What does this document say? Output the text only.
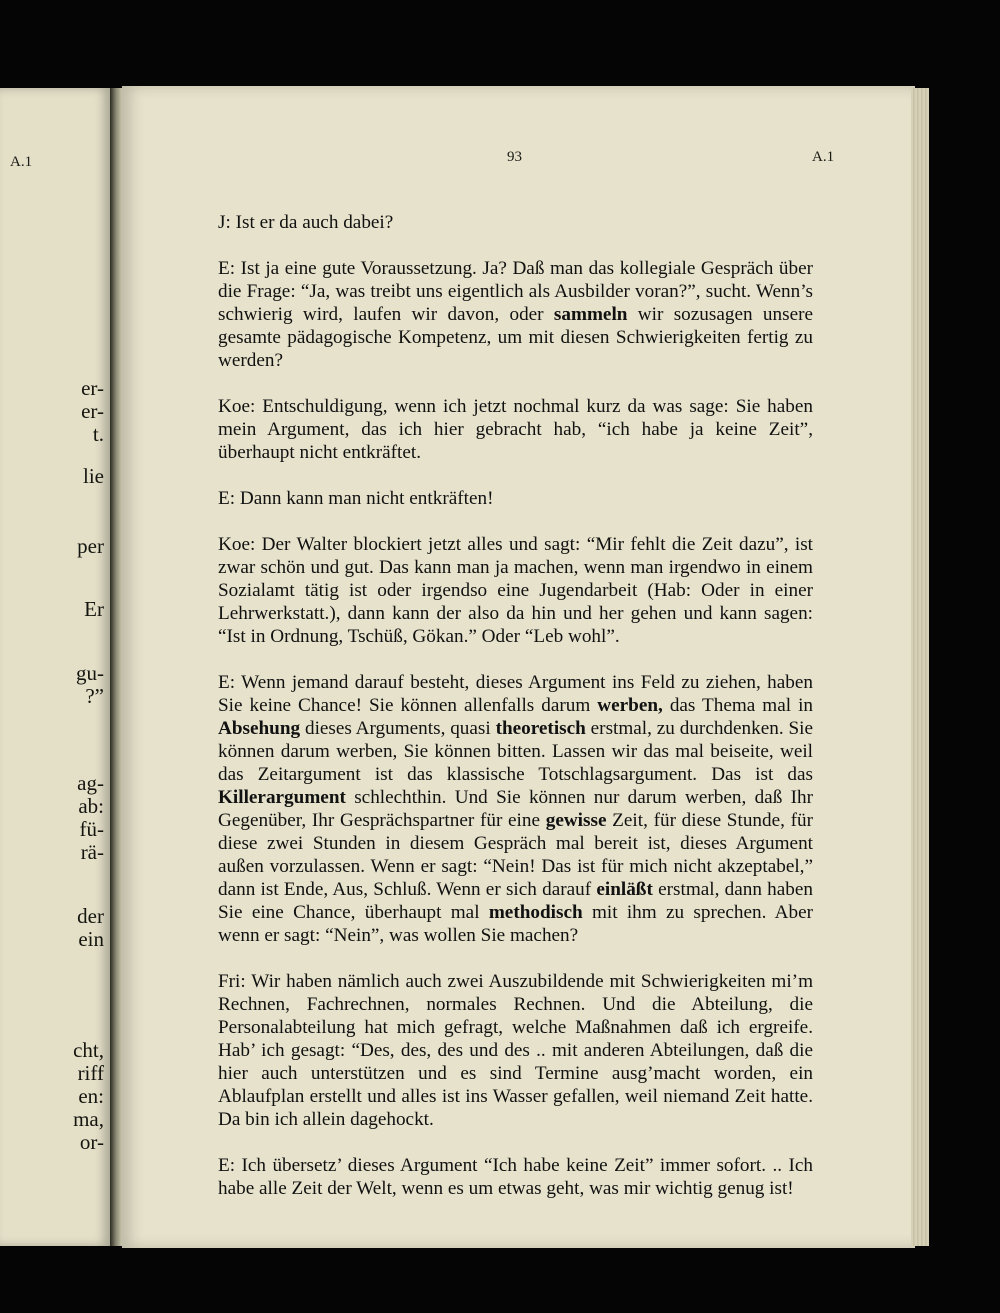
A.1
er-
er-
t.
lie
per
Er
gu-
?”
ag-
ab:
fü-
rä-
der
ein
cht,
riff
en:
ma,
or-
93	A.1

J: Ist er da auch dabei?

E: Ist ja eine gute Voraussetzung. Ja? Daß man das kollegiale Gespräch über die Frage: “Ja, was treibt uns eigentlich als Ausbilder voran?”, sucht. Wenn’s schwierig wird, laufen wir davon, oder sammeln wir sozusagen unsere gesamte pädagogische Kompetenz, um mit diesen Schwierigkeiten fertig zu werden?

Koe: Entschuldigung, wenn ich jetzt nochmal kurz da was sage: Sie haben mein Argument, das ich hier gebracht hab, “ich habe ja keine Zeit”, überhaupt nicht entkräftet.

E: Dann kann man nicht entkräften!

Koe: Der Walter blockiert jetzt alles und sagt: “Mir fehlt die Zeit dazu”, ist zwar schön und gut. Das kann man ja machen, wenn man irgendwo in einem Sozialamt tätig ist oder irgendso eine Jugendarbeit (Hab: Oder in einer Lehrwerkstatt.), dann kann der also da hin und her gehen und kann sagen: “Ist in Ordnung, Tschüß, Gökan.” Oder “Leb wohl”.

E: Wenn jemand darauf besteht, dieses Argument ins Feld zu ziehen, haben Sie keine Chance! Sie können allenfalls darum werben, das Thema mal in Absehung dieses Arguments, quasi theoretisch erstmal, zu durchdenken. Sie können darum werben, Sie können bitten. Lassen wir das mal beiseite, weil das Zeitargument ist das klassische Totschlagsargument. Das ist das Killerargument schlechthin. Und Sie können nur darum werben, daß Ihr Gegenüber, Ihr Gesprächspartner für eine gewisse Zeit, für diese Stunde, für diese zwei Stunden in diesem Gespräch mal bereit ist, dieses Argument außen vorzulassen. Wenn er sagt: “Nein! Das ist für mich nicht akzeptabel,” dann ist Ende, Aus, Schluß. Wenn er sich darauf einläßt erstmal, dann haben Sie eine Chance, überhaupt mal methodisch mit ihm zu sprechen. Aber wenn er sagt: “Nein”, was wollen Sie machen?

Fri: Wir haben nämlich auch zwei Auszubildende mit Schwierigkeiten mi’m Rechnen, Fachrechnen, normales Rechnen. Und die Abteilung, die Personalabteilung hat mich gefragt, welche Maßnahmen daß ich ergreife. Hab’ ich gesagt: “Des, des, des und des .. mit anderen Abteilungen, daß die hier auch unterstützen und es sind Termine ausg’macht worden, ein Ablaufplan erstellt und alles ist ins Wasser gefallen, weil niemand Zeit hatte. Da bin ich allein dagehockt.

E: Ich übersetz’ dieses Argument “Ich habe keine Zeit” immer sofort. .. Ich habe alle Zeit der Welt, wenn es um etwas geht, was mir wichtig genug ist!
